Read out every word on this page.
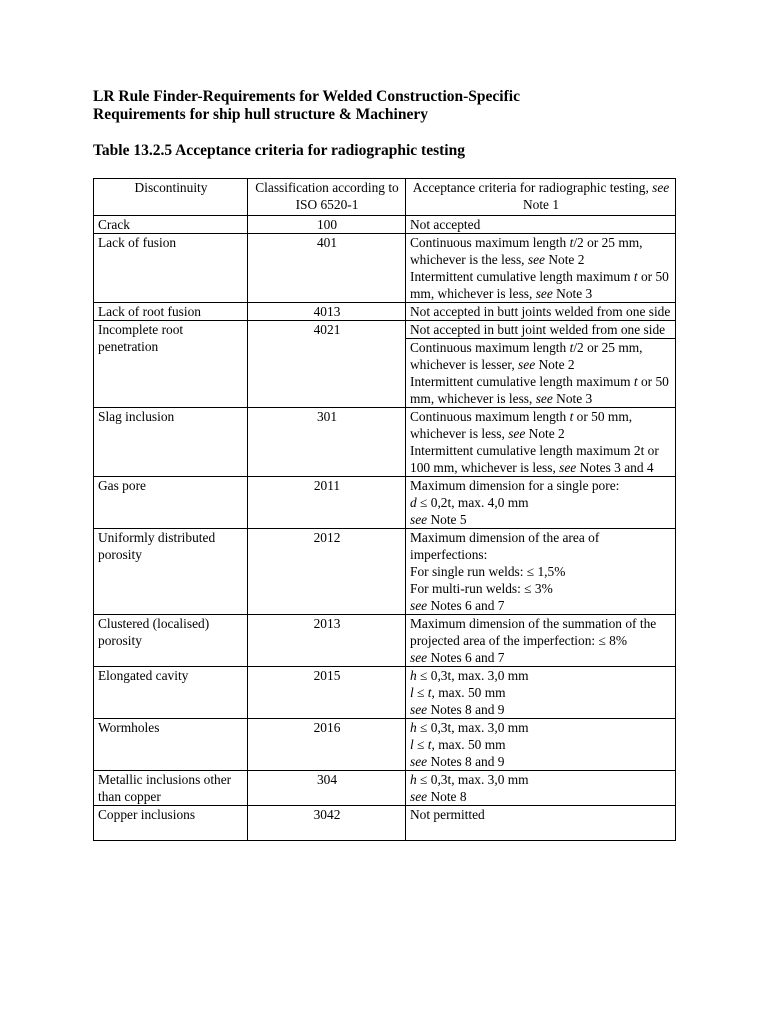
LR Rule Finder-Requirements for Welded Construction-Specific
Requirements for ship hull structure & Machinery
Table 13.2.5 Acceptance criteria for radiographic testing
Discontinuity	Classification according to ISO 6520-1	Acceptance criteria for radiographic testing, see Note 1
Crack	100	Not accepted

Lack of fusion	401	Continuous maximum length t/2 or 25 mm, whichever is the less, see Note 2
Intermittent cumulative length maximum t or 50 mm, whichever is less, see Note 3

Lack of root fusion	4013	Not accepted in butt joints welded from one side

Incomplete root penetration	4021	Not accepted in butt joint welded from one side

		Continuous maximum length t/2 or 25 mm, whichever is lesser, see Note 2
Intermittent cumulative length maximum t or 50 mm, whichever is less, see Note 3

Slag inclusion	301	Continuous maximum length t or 50 mm, whichever is less, see Note 2
Intermittent cumulative length maximum 2t or 100 mm, whichever is less, see Notes 3 and 4

Gas pore	2011	Maximum dimension for a single pore:
d ≤ 0,2t, max. 4,0 mm
see Note 5

Uniformly distributed porosity	2012	Maximum dimension of the area of imperfections:
For single run welds: ≤ 1,5%
For multi-run welds: ≤ 3%
see Notes 6 and 7

Clustered (localised) porosity	2013	Maximum dimension of the summation of the projected area of the imperfection: ≤ 8%
see Notes 6 and 7

Elongated cavity	2015	h ≤ 0,3t, max. 3,0 mm
l ≤ t, max. 50 mm
see Notes 8 and 9

Wormholes	2016	h ≤ 0,3t, max. 3,0 mm
l ≤ t, max. 50 mm
see Notes 8 and 9

Metallic inclusions other than copper	304	h ≤ 0,3t, max. 3,0 mm
see Note 8

Copper inclusions	3042	Not permitted
